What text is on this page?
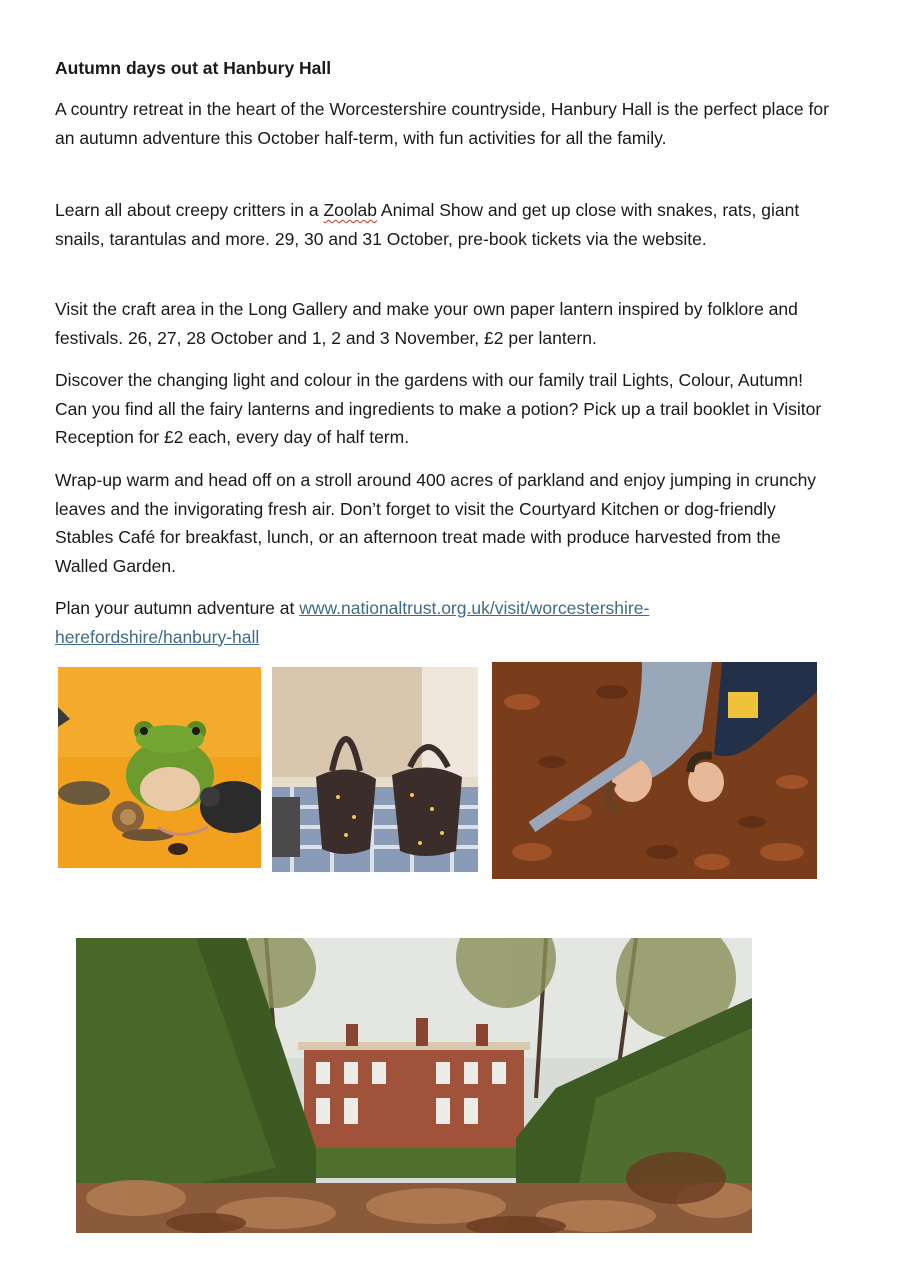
Autumn days out at Hanbury Hall

A country retreat in the heart of the Worcestershire countryside, Hanbury Hall is the perfect place for an autumn adventure this October half-term, with fun activities for all the family.

Learn all about creepy critters in a Zoolab Animal Show and get up close with snakes, rats, giant snails, tarantulas and more. 29, 30 and 31 October, pre-book tickets via the website.

Visit the craft area in the Long Gallery and make your own paper lantern inspired by folklore and festivals. 26, 27, 28 October and 1, 2 and 3 November, £2 per lantern.

Discover the changing light and colour in the gardens with our family trail Lights, Colour, Autumn! Can you find all the fairy lanterns and ingredients to make a potion? Pick up a trail booklet in Visitor Reception for £2 each, every day of half term.

Wrap-up warm and head off on a stroll around 400 acres of parkland and enjoy jumping in crunchy leaves and the invigorating fresh air. Don’t forget to visit the Courtyard Kitchen or dog-friendly Stables Café for breakfast, lunch, or an afternoon treat made with produce harvested from the Walled Garden.

Plan your autumn adventure at www.nationaltrust.org.uk/visit/worcestershire-herefordshire/hanbury-hall
